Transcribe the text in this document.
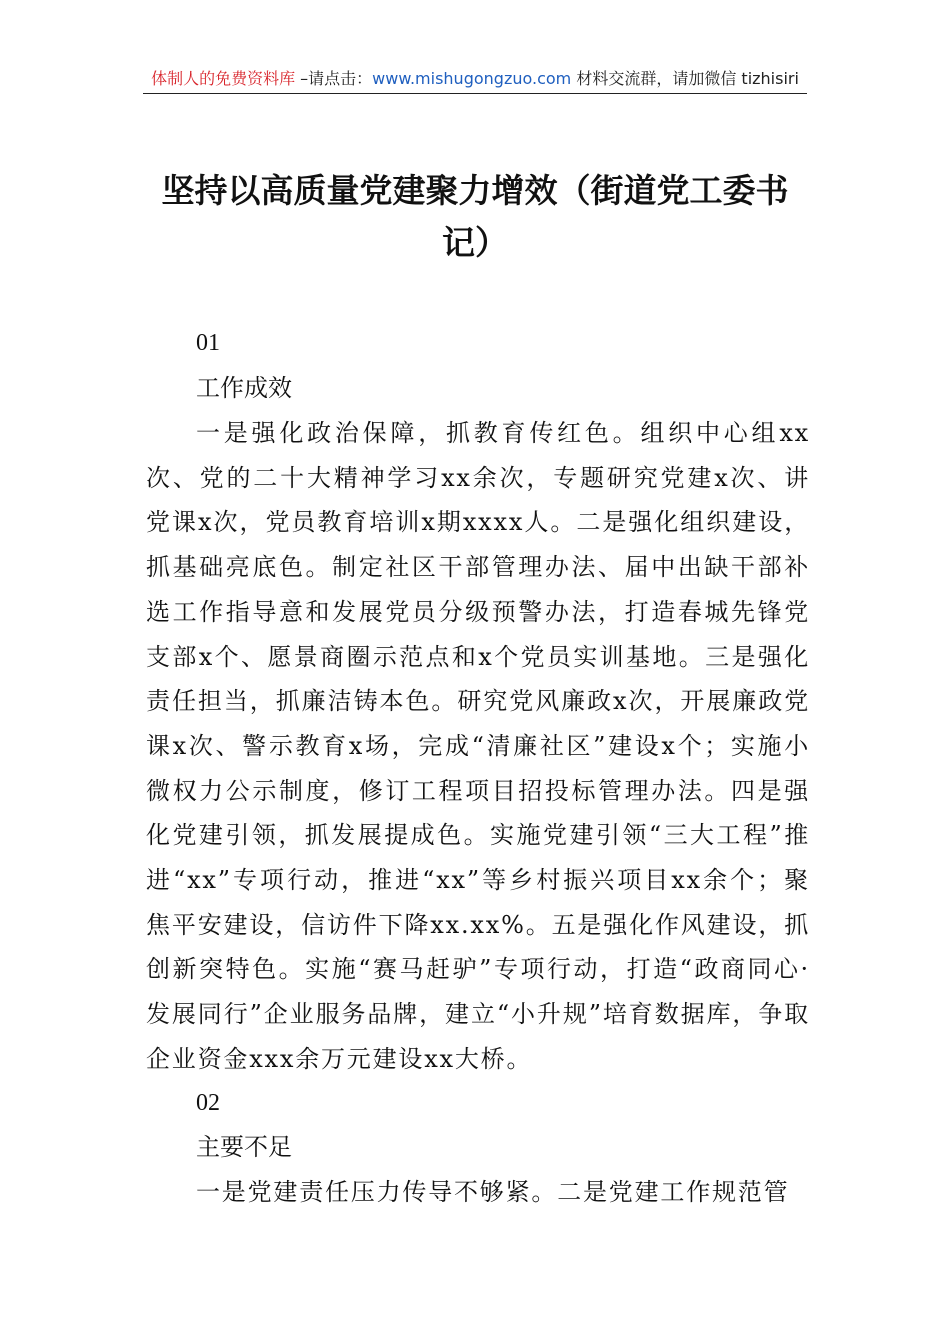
体制人的免费资料库 –请点击：www.mishugongzuo.com 材料交流群，请加微信 tizhisiri
坚持以高质量党建聚力增效（街道党工委书记）
01
工作成效

一是强化政治保障，抓教育传红色。组织中心组xx次、党的二十大精神学习xx余次，专题研究党建x次、讲党课x次，党员教育培训x期xxxx人。二是强化组织建设，抓基础亮底色。制定社区干部管理办法、届中出缺干部补选工作指导意和发展党员分级预警办法，打造春城先锋党支部x个、愿景商圈示范点和x个党员实训基地。三是强化责任担当，抓廉洁铸本色。研究党风廉政x次，开展廉政党课x次、警示教育x场，完成“清廉社区”建设x个；实施小微权力公示制度，修订工程项目招投标管理办法。四是强化党建引领，抓发展提成色。实施党建引领“三大工程”推进“xx”专项行动，推进“xx”等乡村振兴项目xx余个；聚焦平安建设，信访件下降xx.xx%。五是强化作风建设，抓创新突特色。实施“赛马赶驴”专项行动，打造“政商同心·发展同行”企业服务品牌，建立“小升规”培育数据库，争取企业资金xxx余万元建设xx大桥。

02
主要不足

一是党建责任压力传导不够紧。二是党建工作规范管
